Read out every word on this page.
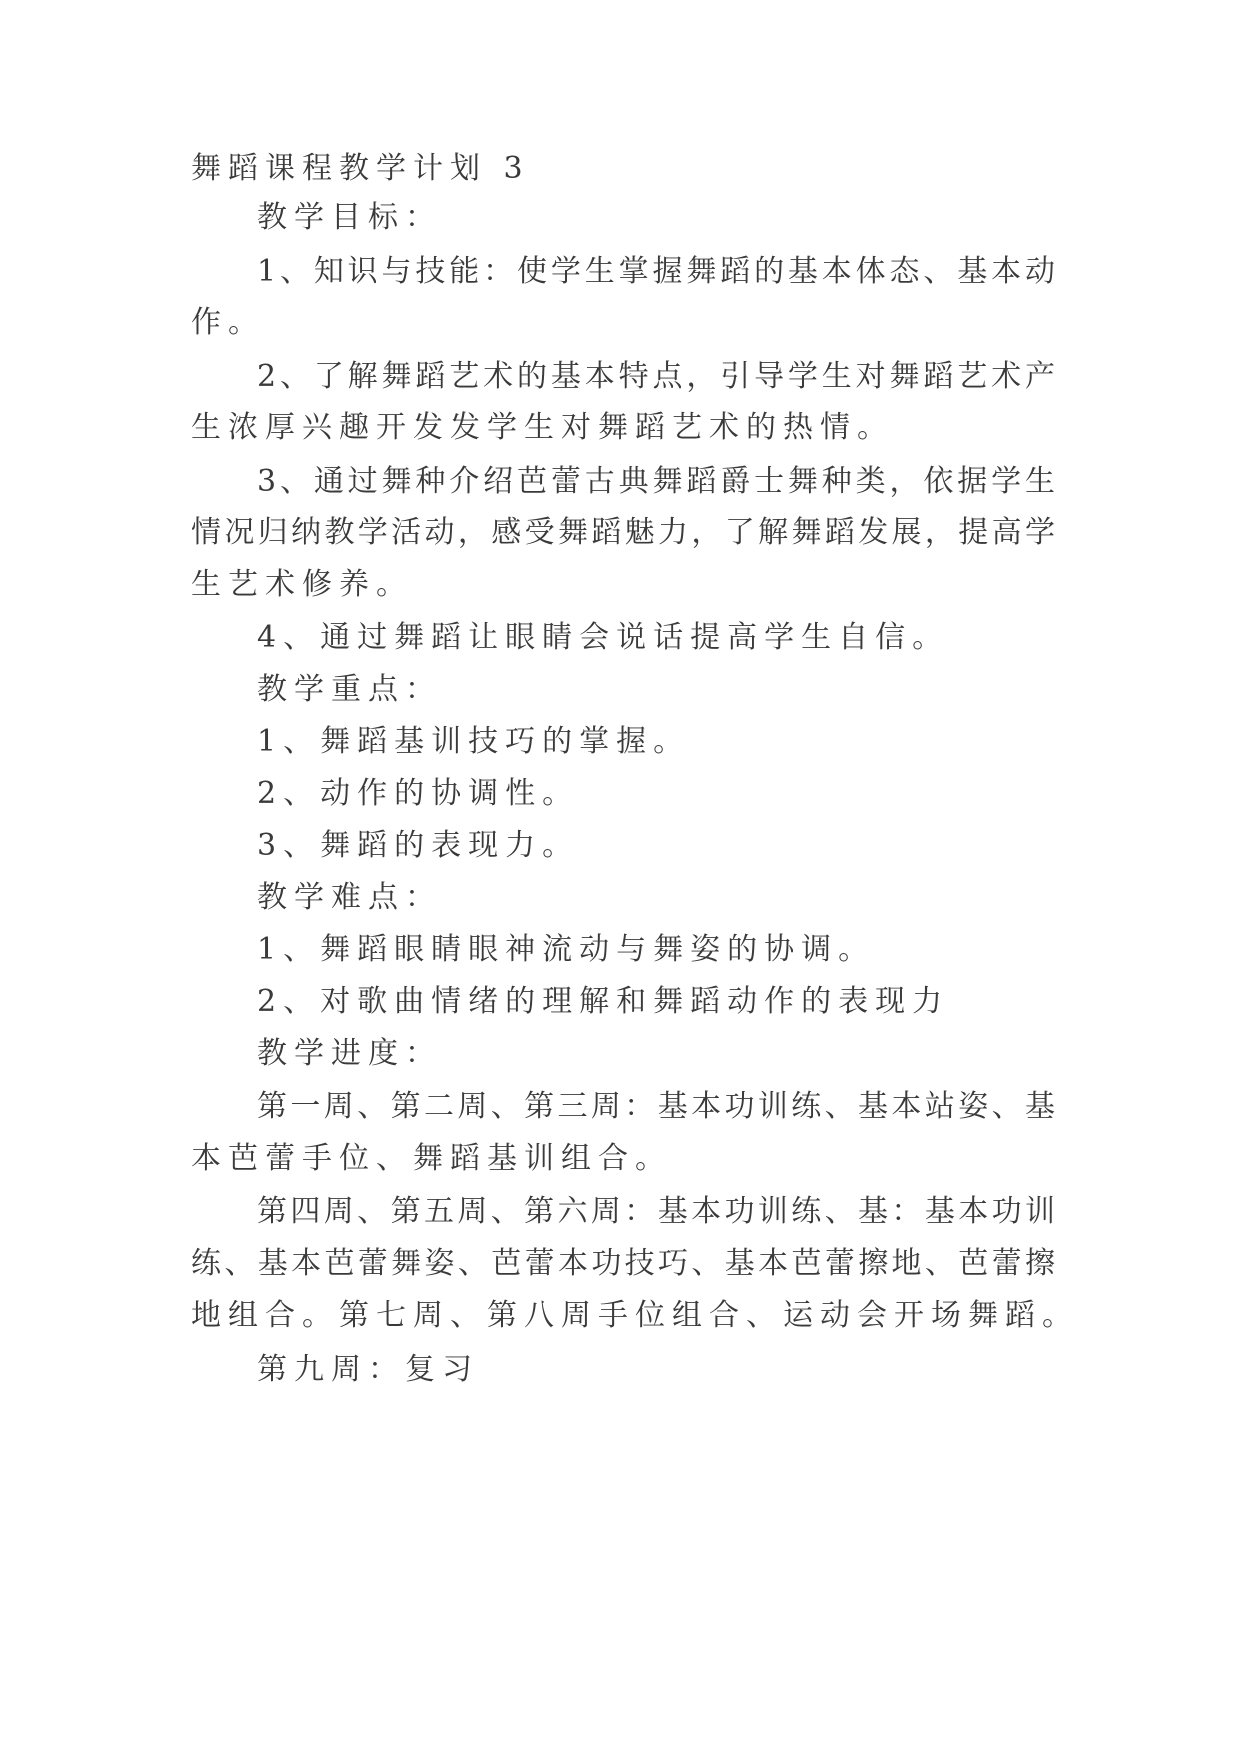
舞蹈课程教学计划 3
教学目标：
1、知识与技能：使学生掌握舞蹈的基本体态、基本动
作。
2、了解舞蹈艺术的基本特点，引导学生对舞蹈艺术产
生浓厚兴趣开发发学生对舞蹈艺术的热情。
3、通过舞种介绍芭蕾古典舞蹈爵士舞种类，依据学生
情况归纳教学活动，感受舞蹈魅力，了解舞蹈发展，提高学
生艺术修养。
4、通过舞蹈让眼睛会说话提高学生自信。
教学重点：
1、舞蹈基训技巧的掌握。
2、动作的协调性。
3、舞蹈的表现力。
教学难点：
1、舞蹈眼睛眼神流动与舞姿的协调。
2、对歌曲情绪的理解和舞蹈动作的表现力
教学进度：
第一周、第二周、第三周：基本功训练、基本站姿、基
本芭蕾手位、舞蹈基训组合。
第四周、第五周、第六周：基本功训练、基：基本功训
练、基本芭蕾舞姿、芭蕾本功技巧、基本芭蕾擦地、芭蕾擦
地组合。第七周、第八周手位组合、运动会开场舞蹈。
第九周：复习
